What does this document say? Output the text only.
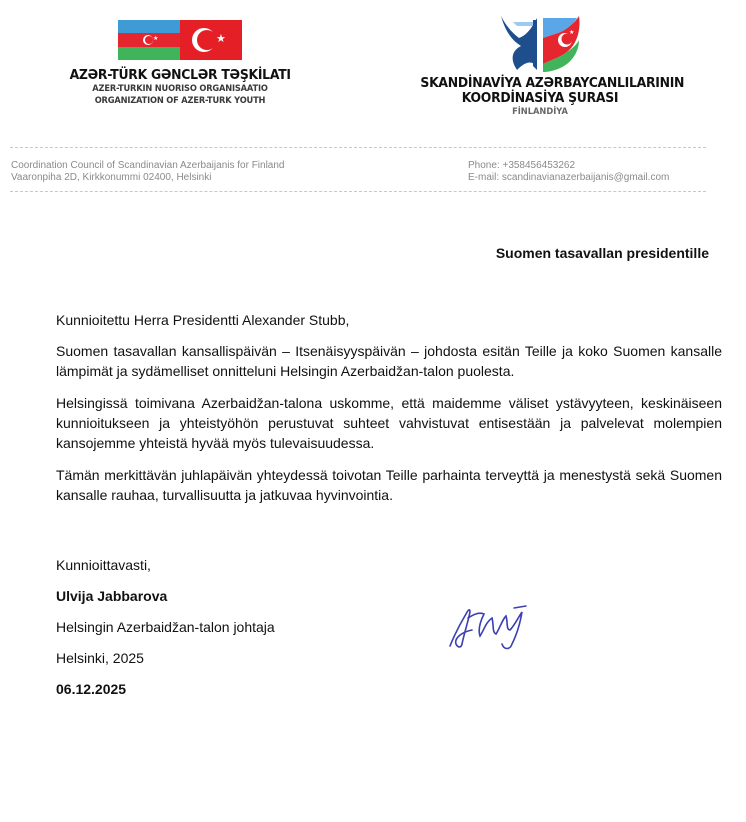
★	★
AZƏR-TÜRK GƏNCLƏR TƏŞKİLATI
AZER-TURKIN NUORISO ORGANISAATIO
ORGANIZATION OF AZER-TURK YOUTH
★
SKANDİNAVİYA AZƏRBAYCANLILARININ
KOORDİNASİYA ŞURASI
FİNLANDİYA
Coordination Council of Scandinavian Azerbaijanis for Finland
Vaaronpiha 2D, Kirkkonummi 02400, Helsinki
Phone: +358456453262
E-mail: scandinavianazerbaijanis@gmail.com
Suomen tasavallan presidentille

Kunnioitettu Herra Presidentti Alexander Stubb,

Suomen tasavallan kansallispäivän – Itsenäisyyspäivän – johdosta esitän Teille ja koko Suomen kansalle lämpimät ja sydämelliset onnitteluni Helsingin Azerbaidžan-talon puolesta.

Helsingissä toimivana Azerbaidžan-talona uskomme, että maidemme väliset ystävyyteen, keskinäiseen kunnioitukseen ja yhteistyöhön perustuvat suhteet vahvistuvat entisestään ja palvelevat molempien kansojemme yhteistä hyvää myös tulevaisuudessa.

Tämän merkittävän juhlapäivän yhteydessä toivotan Teille parhainta terveyttä ja menestystä sekä Suomen kansalle rauhaa, turvallisuutta ja jatkuvaa hyvinvointia.

Kunnioittavasti,
Ulvija Jabbarova
Helsingin Azerbaidžan-talon johtaja
Helsinki, 2025
06.12.2025
